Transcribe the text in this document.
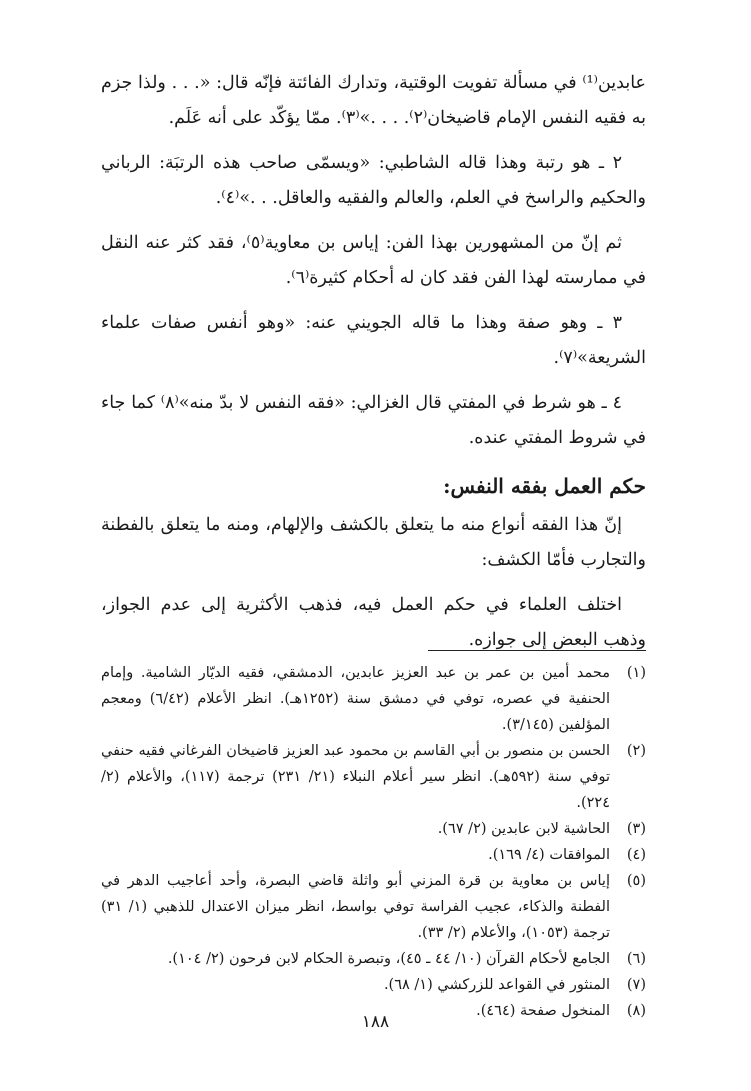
عابدين⁽¹⁾ في مسألة تفويت الوقتية، وتدارك الفائتة فإنّه قال: «. . . ولذا جزم به فقيه النفس الإمام قاضيخان⁽٢⁾. . . .»⁽٣⁾. ممّا يؤكّد على أنه عَلَم.

٢ ـ هو رتبة وهذا قاله الشاطبي: «ويسمّى صاحب هذه الرتبَة: الرباني والحكيم والراسخ في العلم، والعالم والفقيه والعاقل. . .»⁽٤⁾.

ثم إنّ من المشهورين بهذا الفن: إياس بن معاوية⁽٥⁾، فقد كثر عنه النقل في ممارسته لهذا الفن فقد كان له أحكام كثيرة⁽٦⁾.

٣ ـ وهو صفة وهذا ما قاله الجويني عنه: «وهو أنفس صفات علماء الشريعة»⁽٧⁾.

٤ ـ هو شرط في المفتي قال الغزالي: «فقه النفس لا بدّ منه»⁽٨⁾ كما جاء في شروط المفتي عنده.

حكم العمل بفقه النفس:

إنّ هذا الفقه أنواع منه ما يتعلق بالكشف والإلهام، ومنه ما يتعلق بالفطنة والتجارب فأمّا الكشف:

اختلف العلماء في حكم العمل فيه، فذهب الأكثرية إلى عدم الجواز، وذهب البعض إلى جوازه.

(١)
محمد أمين بن عمر بن عبد العزيز عابدين، الدمشقي، فقيه الديّار الشامية. وإمام الحنفية في عصره، توفي في دمشق سنة (١٢٥٢هـ). انظر الأعلام (٦/٤٢) ومعجم المؤلفين (٣/١٤٥).
(٢)
الحسن بن منصور بن أبي القاسم بن محمود عبد العزيز قاضيخان الفرغاني فقيه حنفي توفي سنة (٥٩٢هـ). انظر سير أعلام النبلاء (٢١/ ٢٣١) ترجمة (١١٧)، والأعلام (٢/ ٢٢٤).
(٣)
الحاشية لابن عابدين (٢/ ٦٧).
(٤)
الموافقات (٤/ ١٦٩).
(٥)
إياس بن معاوية بن قرة المزني أبو واثلة قاضي البصرة، وأحد أعاجيب الدهر في الفطنة والذكاء، عجيب الفراسة توفي بواسط، انظر ميزان الاعتدال للذهبي (١/ ٣١) ترجمة (١٠٥٣)، والأعلام (٢/ ٣٣).
(٦)
الجامع لأحكام القرآن (١٠/ ٤٤ ـ ٤٥)، وتبصرة الحكام لابن فرحون (٢/ ١٠٤).
(٧)
المنثور في القواعد للزركشي (١/ ٦٨).
(٨)
المنخول صفحة (٤٦٤).
١٨٨
